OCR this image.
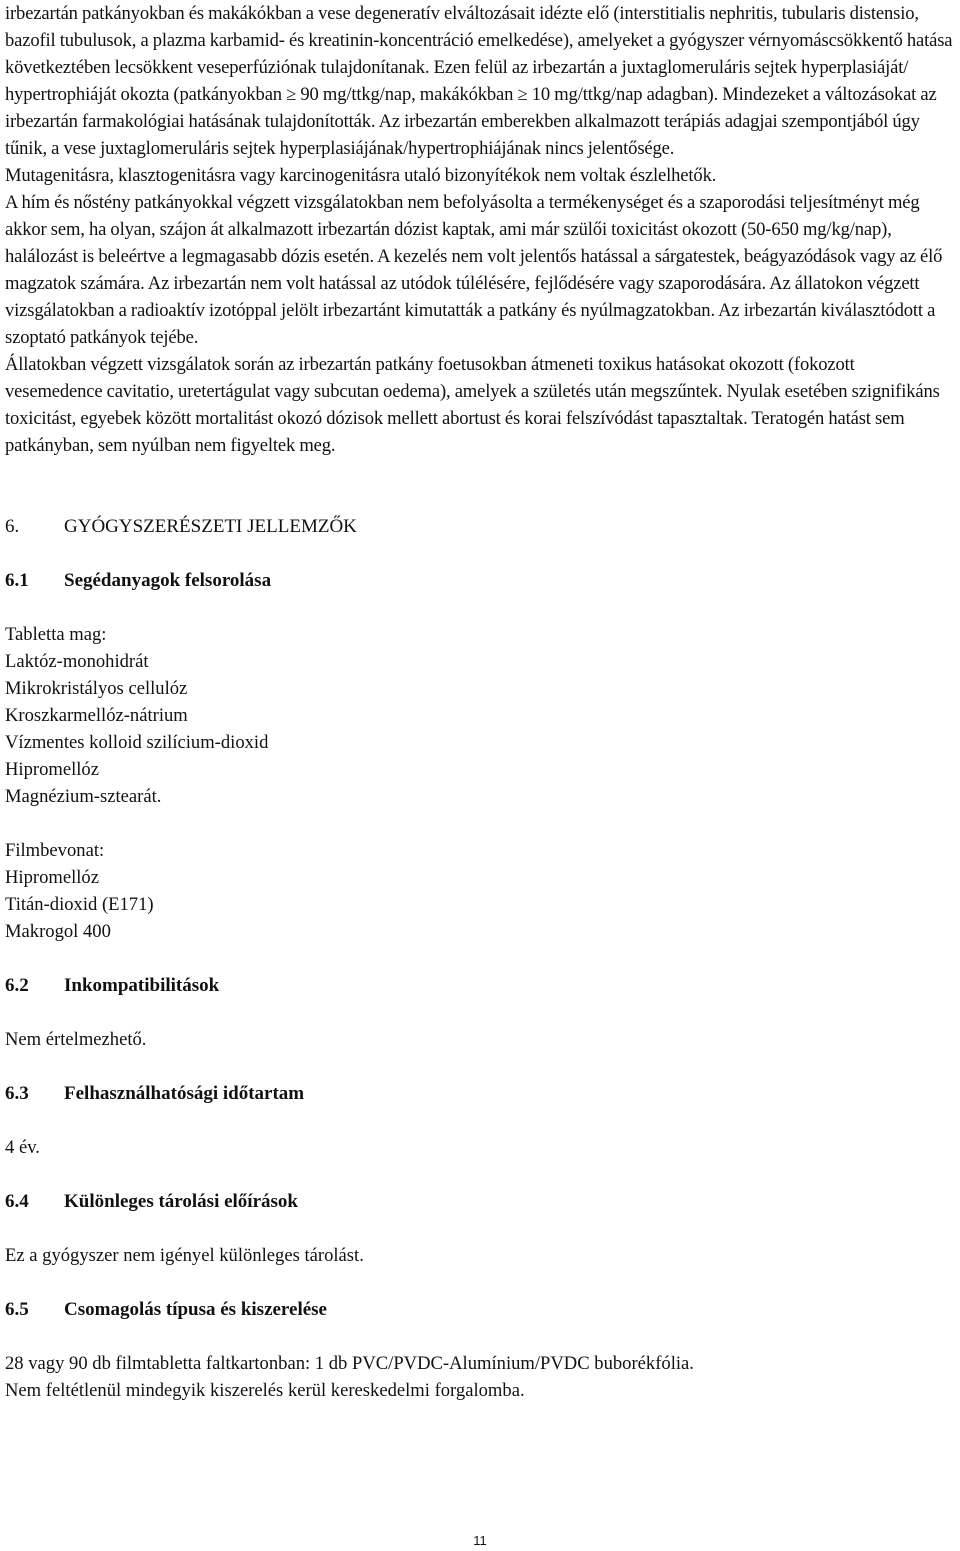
irbezartán patkányokban és makákókban a vese degeneratív elváltozásait idézte elő (interstitialis nephritis, tubularis distensio, bazofil tubulusok, a plazma karbamid- és kreatinin-koncentráció emelkedése), amelyeket a gyógyszer vérnyomáscsökkentő hatása következtében lecsökkent veseperfúziónak tulajdonítanak. Ezen felül az irbezartán a juxtaglomeruláris sejtek hyperplasiáját/ hypertrophiáját okozta (patkányokban ≥ 90 mg/ttkg/nap, makákókban ≥ 10 mg/ttkg/nap adagban). Mindezeket a változásokat az irbezartán farmakológiai hatásának tulajdonították. Az irbezartán emberekben alkalmazott terápiás adagjai szempontjából úgy tűnik, a vese juxtaglomeruláris sejtek hyperplasiájának/hypertrophiájának nincs jelentősége.

Mutagenitásra, klasztogenitásra vagy karcinogenitásra utaló bizonyítékok nem voltak észlelhetők.

A hím és nőstény patkányokkal végzett vizsgálatokban nem befolyásolta a termékenységet és a szaporodási teljesítményt még akkor sem, ha olyan, szájon át alkalmazott irbezartán dózist kaptak, ami már szülői toxicitást okozott (50-650 mg/kg/nap), halálozást is beleértve a legmagasabb dózis esetén. A kezelés nem volt jelentős hatással a sárgatestek, beágyazódások vagy az élő magzatok számára. Az irbezartán nem volt hatással az utódok túlélésére, fejlődésére vagy szaporodására. Az állatokon végzett vizsgálatokban a radioaktív izotóppal jelölt irbezartánt kimutatták a patkány és nyúlmagzatokban. Az irbezartán kiválasztódott a szoptató patkányok tejébe.

Állatokban végzett vizsgálatok során az irbezartán patkány foetusokban átmeneti toxikus hatásokat okozott (fokozott vesemedence cavitatio, uretertágulat vagy subcutan oedema), amelyek a születés után megszűntek. Nyulak esetében szignifikáns toxicitást, egyebek között mortalitást okozó dózisok mellett abortust és korai felszívódást tapasztaltak. Teratogén hatást sem patkányban, sem nyúlban nem figyeltek meg.

6.	GYÓGYSZERÉSZETI JELLEMZŐK
6.1	Segédanyagok felsorolása

Tabletta mag:

Laktóz-monohidrát

Mikrokristályos cellulóz

Kroszkarmellóz-nátrium

Vízmentes kolloid szilícium-dioxid

Hipromellóz

Magnézium-sztearát.

Filmbevonat:

Hipromellóz

Titán-dioxid (E171)

Makrogol 400

6.2	Inkompatibilitások

Nem értelmezhető.

6.3	Felhasználhatósági időtartam

4 év.

6.4	Különleges tárolási előírások

Ez a gyógyszer nem igényel különleges tárolást.

6.5	Csomagolás típusa és kiszerelése

28 vagy 90 db filmtabletta faltkartonban: 1 db PVC/PVDC-Alumínium/PVDC buborékfólia.

Nem feltétlenül mindegyik kiszerelés kerül kereskedelmi forgalomba.

11
